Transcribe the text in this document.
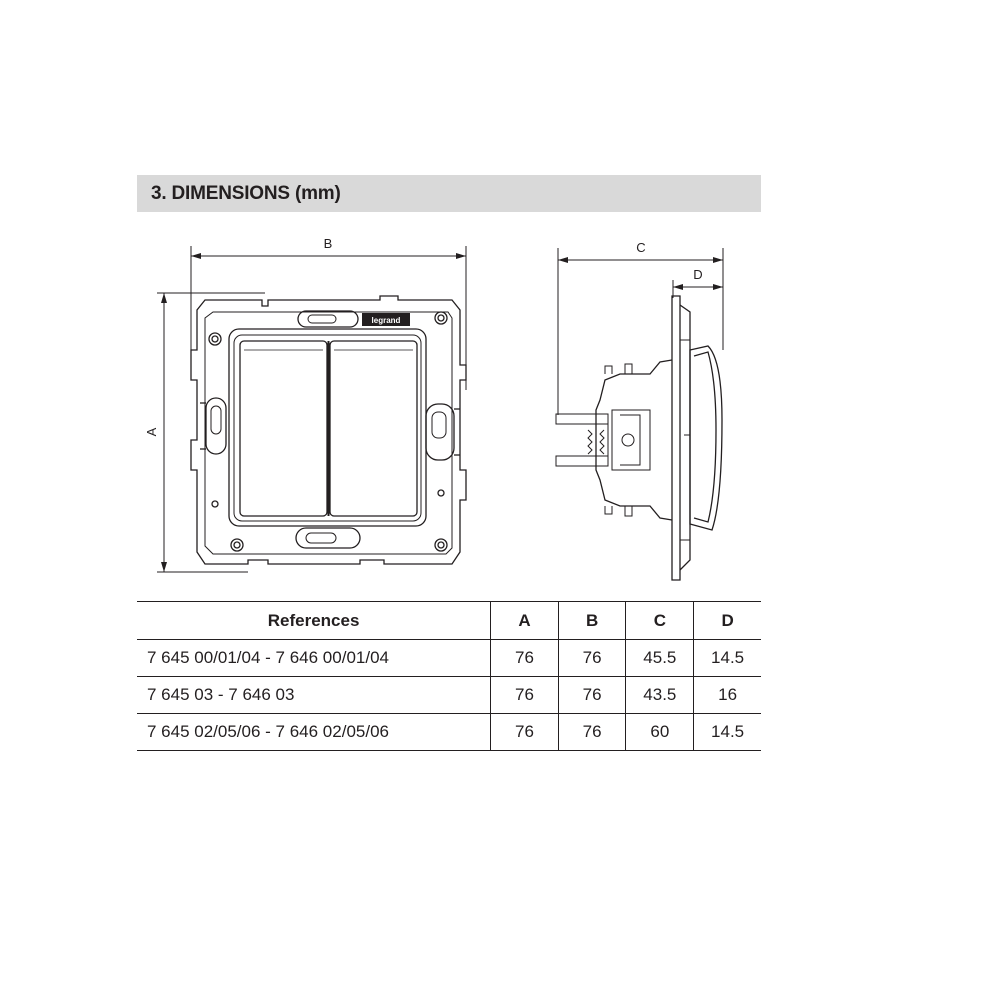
3. DIMENSIONS (mm)
B
A
legrand
C
D
References	A	B	C	D
7 645 00/01/04 - 7 646 00/01/04	76	76	45.5	14.5
7 645 03 - 7 646 03	76	76	43.5	16
7 645 02/05/06 - 7 646 02/05/06	76	76	60	14.5
